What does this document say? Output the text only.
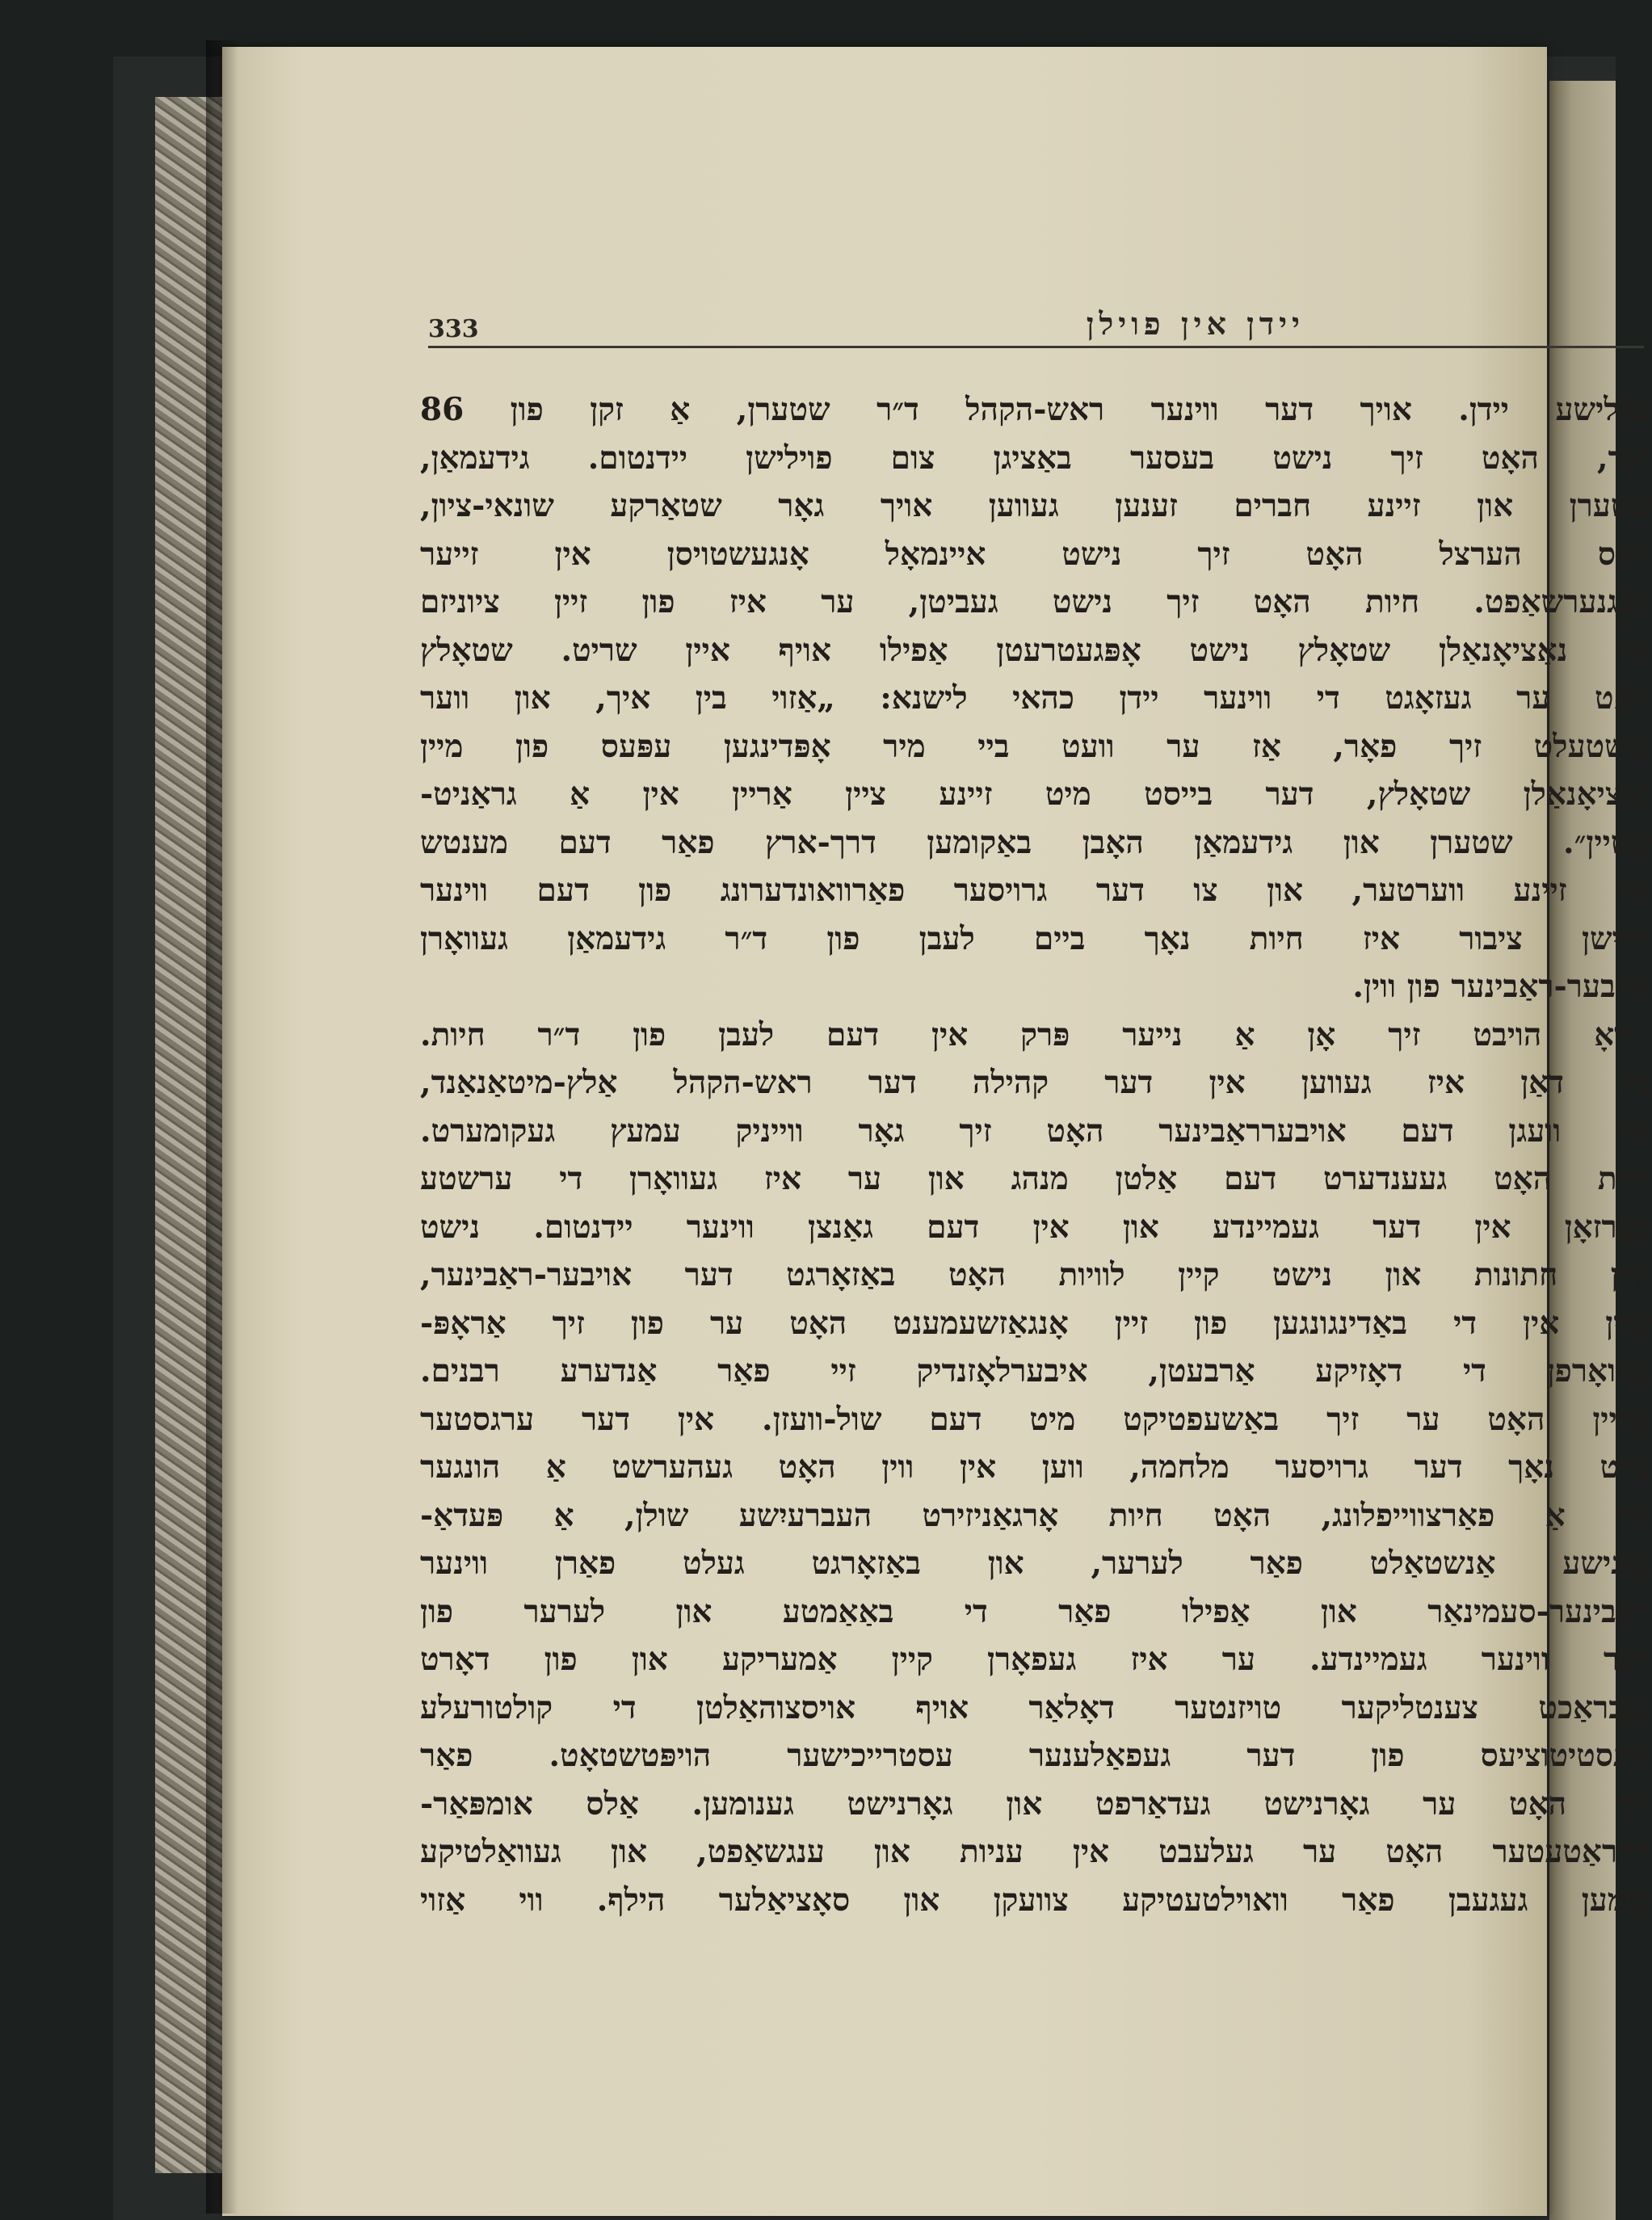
333	יידן אין פוילן
פוילישע יידן. אויך דער ווינער ראש-הקהל ד״ר שטערן, אַ זקן פון 86
יאָר, האָט זיך נישט בעסער באַציגן צום פוילישן יידנטום. גידעמאַן,
שטערן און זיינע חברים זענען געווען אויך גאָר שטאַרקע שונאי-ציון,
וואָס הערצל האָט זיך נישט איינמאָל אָנגעשטויסן אין זייער
קעגנערשאַפט. חיות האָט זיך נישט געביטן, ער איז פון זיין ציוניזם
און נאַציאָנאַלן שטאָלץ נישט אָפּגעטרעטן אַפילו אויף איין שריט. שטאָלץ
האָט ער געזאָגט די ווינער יידן כהאי לישנא: „אַזוי בין איך, און ווער
ס׳שטעלט זיך פאָר, אַז ער וועט ביי מיר אָפּדינגען עפּעס פון מיין
נאַציאָנאַלן שטאָלץ, דער בייסט מיט זיינע ציין אַריין אין אַ גראַניט-
שטיין״. שטערן און גידעמאַן האָבן באַקומען דרך-ארץ פאַר דעם מענטש
און זיינע ווערטער, און צו דער גרויסער פאַרוואונדערונג פון דעם ווינער
יידישן ציבור איז חיות נאָך ביים לעבן פון ד״ר גידעמאַן געוואָרן
אויבער-ראַבינער פון ווין.
דאָ הויבט זיך אָן אַ נייער פּרק אין דעם לעבן פון ד״ר חיות.
ביז דאַן איז געווען אין דער קהילה דער ראש-הקהל אַלץ-מיטאַנאַנד,
און וועגן דעם אויבערראַבינער האָט זיך גאָר ווייניק עמעץ געקומערט.
חיות האָט געענדערט דעם אַלטן מנהג און ער איז געוואָרן די ערשטע
פּערזאָן אין דער געמיינדע און אין דעם גאַנצן ווינער יידנטום. נישט
קיין חתונות און נישט קיין לוויות האָט באַזאָרגט דער אויבער-ראַבינער,
שוין אין די באַדינגונגען פון זיין אָנגאַזשעמענט האָט ער פון זיך אַראָפּ-
געוואָרפן די דאָזיקע אַרבעטן, איבערלאָזנדיק זיי פאַר אַנדערע רבנים.
אַליין האָט ער זיך באַשעפטיקט מיט דעם שול-וועזן. אין דער ערגסטער
צייט נאָך דער גרויסער מלחמה, ווען אין ווין האָט געהערשט אַ הונגער
און אַ פאַרצווייפלונג, האָט חיות אָרגאַניזירט העברעיִשע שולן, אַ פּעדאַ-
גאָגישע אַנשטאַלט פאַר לערער, און באַזאָרגט געלט פאַרן ווינער
ראַבינער-סעמינאַר און אַפילו פאַר די באַאַמטע און לערער פון
דער ווינער געמיינדע. ער איז געפאָרן קיין אַמעריקע און פון דאָרט
געבראַכט צענטליקער טויזנטער דאָלאַר אויף אויסצוהאַלטן די קולטורעלע
אינסטיטוציעס פון דער געפאַלענער עסטרייכישער הויפּטשטאָט. פאַר
זיך האָט ער גאָרנישט געדאַרפט און גאָרנישט גענומען. אַלס אומפּאַר-
הייראַטעטער האָט ער געלעבט אין עניות און ענגשאַפט, און געוואַלטיקע
סומען געגעבן פאַר וואוילטעטיקע צוועקן און סאָציאַלער הילף. ווי אַזוי
